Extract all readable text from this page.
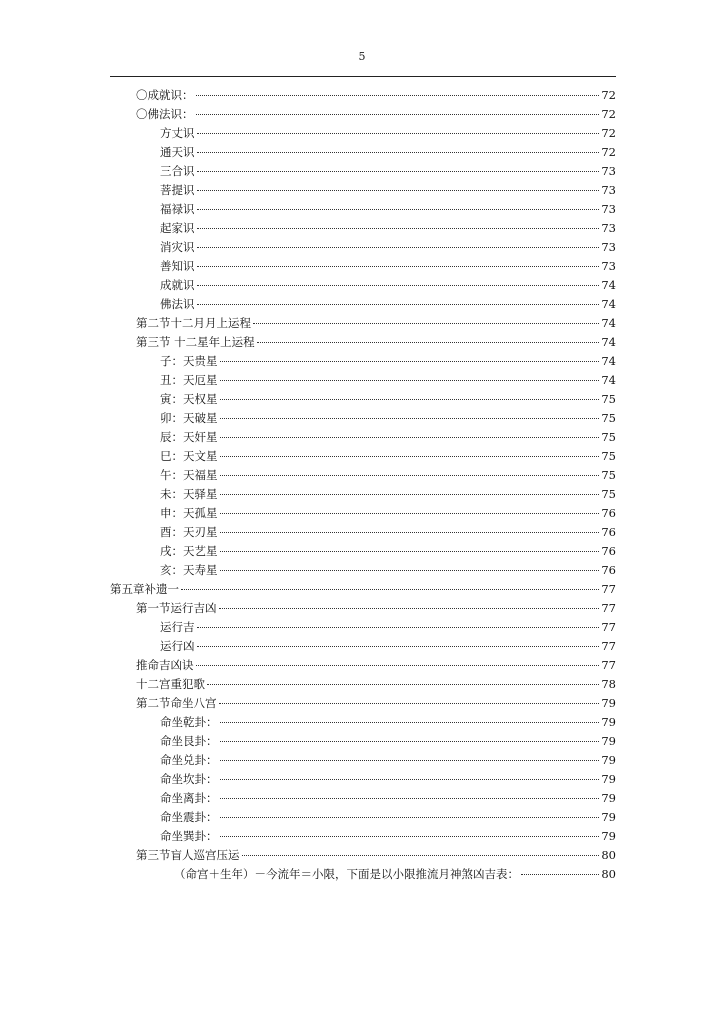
5
〇成就识：	72
〇佛法识：	72
方丈识	72
通天识	72
三合识	73
菩提识	73
福禄识	73
起家识	73
消灾识	73
善知识	73
成就识	74
佛法识	74
第二节十二月月上运程	74
第三节 十二星年上运程	74
子：天贵星	74
丑：天厄星	74
寅：天权星	75
卯：天破星	75
辰：天奸星	75
巳：天文星	75
午：天福星	75
未：天驿星	75
申：天孤星	76
酉：天刃星	76
戌：天艺星	76
亥：天寿星	76
第五章补遗一	77
第一节运行吉凶	77
运行吉	77
运行凶	77
推命吉凶诀	77
十二宫重犯歌	78
第二节命坐八宫	79
命坐乾卦：	79
命坐艮卦：	79
命坐兑卦：	79
命坐坎卦：	79
命坐离卦：	79
命坐震卦：	79
命坐巽卦：	79
第三节盲人巡宫压运	80
（命宫＋生年）－今流年＝小限，下面是以小限推流月神煞凶吉表：	80
